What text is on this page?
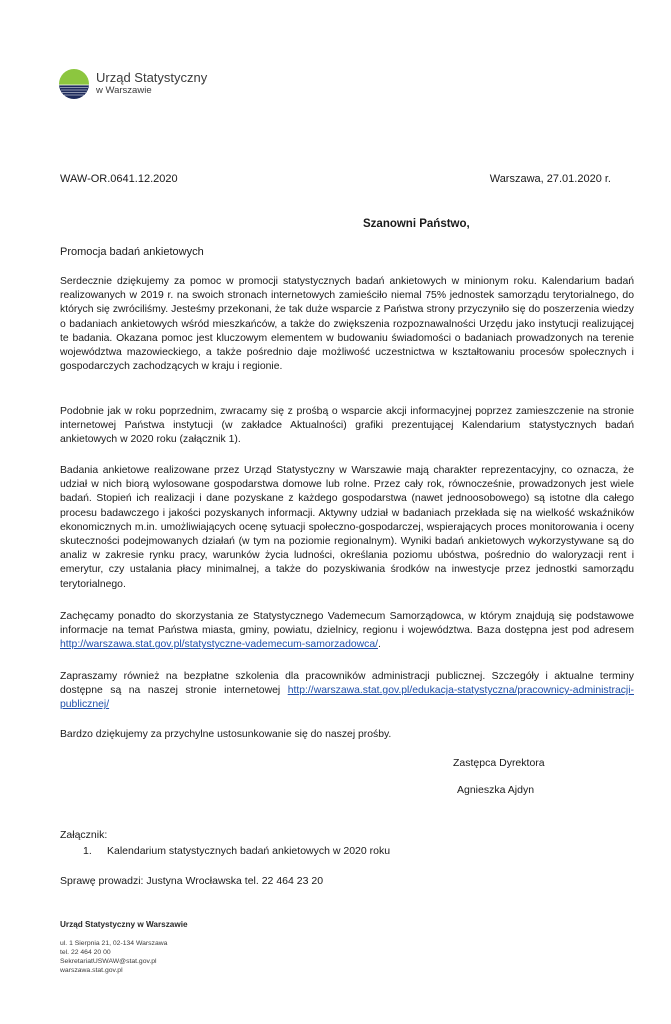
Urząd Statystyczny
w Warszawie
WAW-OR.0641.12.2020	Warszawa, 27.01.2020 r.
Szanowni Państwo,
Promocja badań ankietowych

Serdecznie dziękujemy za pomoc w promocji statystycznych badań ankietowych w minionym roku. Kalendarium badań realizowanych w 2019 r. na swoich stronach internetowych zamieściło niemal 75% jednostek samorządu terytorialnego, do których się zwróciliśmy. Jesteśmy przekonani, że tak duże wsparcie z Państwa strony przyczyniło się do poszerzenia wiedzy o badaniach ankietowych wśród mieszkańców, a także do zwiększenia rozpoznawalności Urzędu jako instytucji realizującej te badania. Okazana pomoc jest kluczowym elementem w budowaniu świadomości o badaniach prowadzonych na terenie województwa mazowieckiego, a także pośrednio daje możliwość uczestnictwa w kształtowaniu procesów społecznych i gospodarczych zachodzących w kraju i regionie.

Podobnie jak w roku poprzednim, zwracamy się z prośbą o wsparcie akcji informacyjnej poprzez zamieszczenie na stronie internetowej Państwa instytucji (w zakładce Aktualności) grafiki prezentującej Kalendarium statystycznych badań ankietowych w 2020 roku (załącznik 1).

Badania ankietowe realizowane przez Urząd Statystyczny w Warszawie mają charakter reprezentacyjny, co oznacza, że udział w nich biorą wylosowane gospodarstwa domowe lub rolne. Przez cały rok, równocześnie, prowadzonych jest wiele badań. Stopień ich realizacji i dane pozyskane z każdego gospodarstwa (nawet jednoosobowego) są istotne dla całego procesu badawczego i jakości pozyskanych informacji. Aktywny udział w badaniach przekłada się na wielkość wskaźników ekonomicznych m.in. umożliwiających ocenę sytuacji społeczno-gospodarczej, wspierających proces monitorowania i oceny skuteczności podejmowanych działań (w tym na poziomie regionalnym). Wyniki badań ankietowych wykorzystywane są do analiz w zakresie rynku pracy, warunków życia ludności, określania poziomu ubóstwa, pośrednio do waloryzacji rent i emerytur, czy ustalania płacy minimalnej, a także do pozyskiwania środków na inwestycje przez jednostki samorządu terytorialnego.

Zachęcamy ponadto do skorzystania ze Statystycznego Vademecum Samorządowca, w którym znajdują się podstawowe informacje na temat Państwa miasta, gminy, powiatu, dzielnicy, regionu i województwa. Baza dostępna jest pod adresem http://warszawa.stat.gov.pl/statystyczne-vademecum-samorzadowca/.

Zapraszamy również na bezpłatne szkolenia dla pracowników administracji publicznej. Szczegóły i aktualne terminy dostępne są na naszej stronie internetowej http://warszawa.stat.gov.pl/edukacja-statystyczna/pracownicy-administracji-publicznej/

Bardzo dziękujemy za przychylne ustosunkowanie się do naszej prośby.

Zastępca Dyrektora
Agnieszka Ajdyn
Załącznik:
1. Kalendarium statystycznych badań ankietowych w 2020 roku
Sprawę prowadzi: Justyna Wrocławska tel. 22 464 23 20
Urząd Statystyczny w Warszawie
ul. 1 Sierpnia 21, 02-134 Warszawa
tel. 22 464 20 00
SekretariatUSWAW@stat.gov.pl
warszawa.stat.gov.pl
